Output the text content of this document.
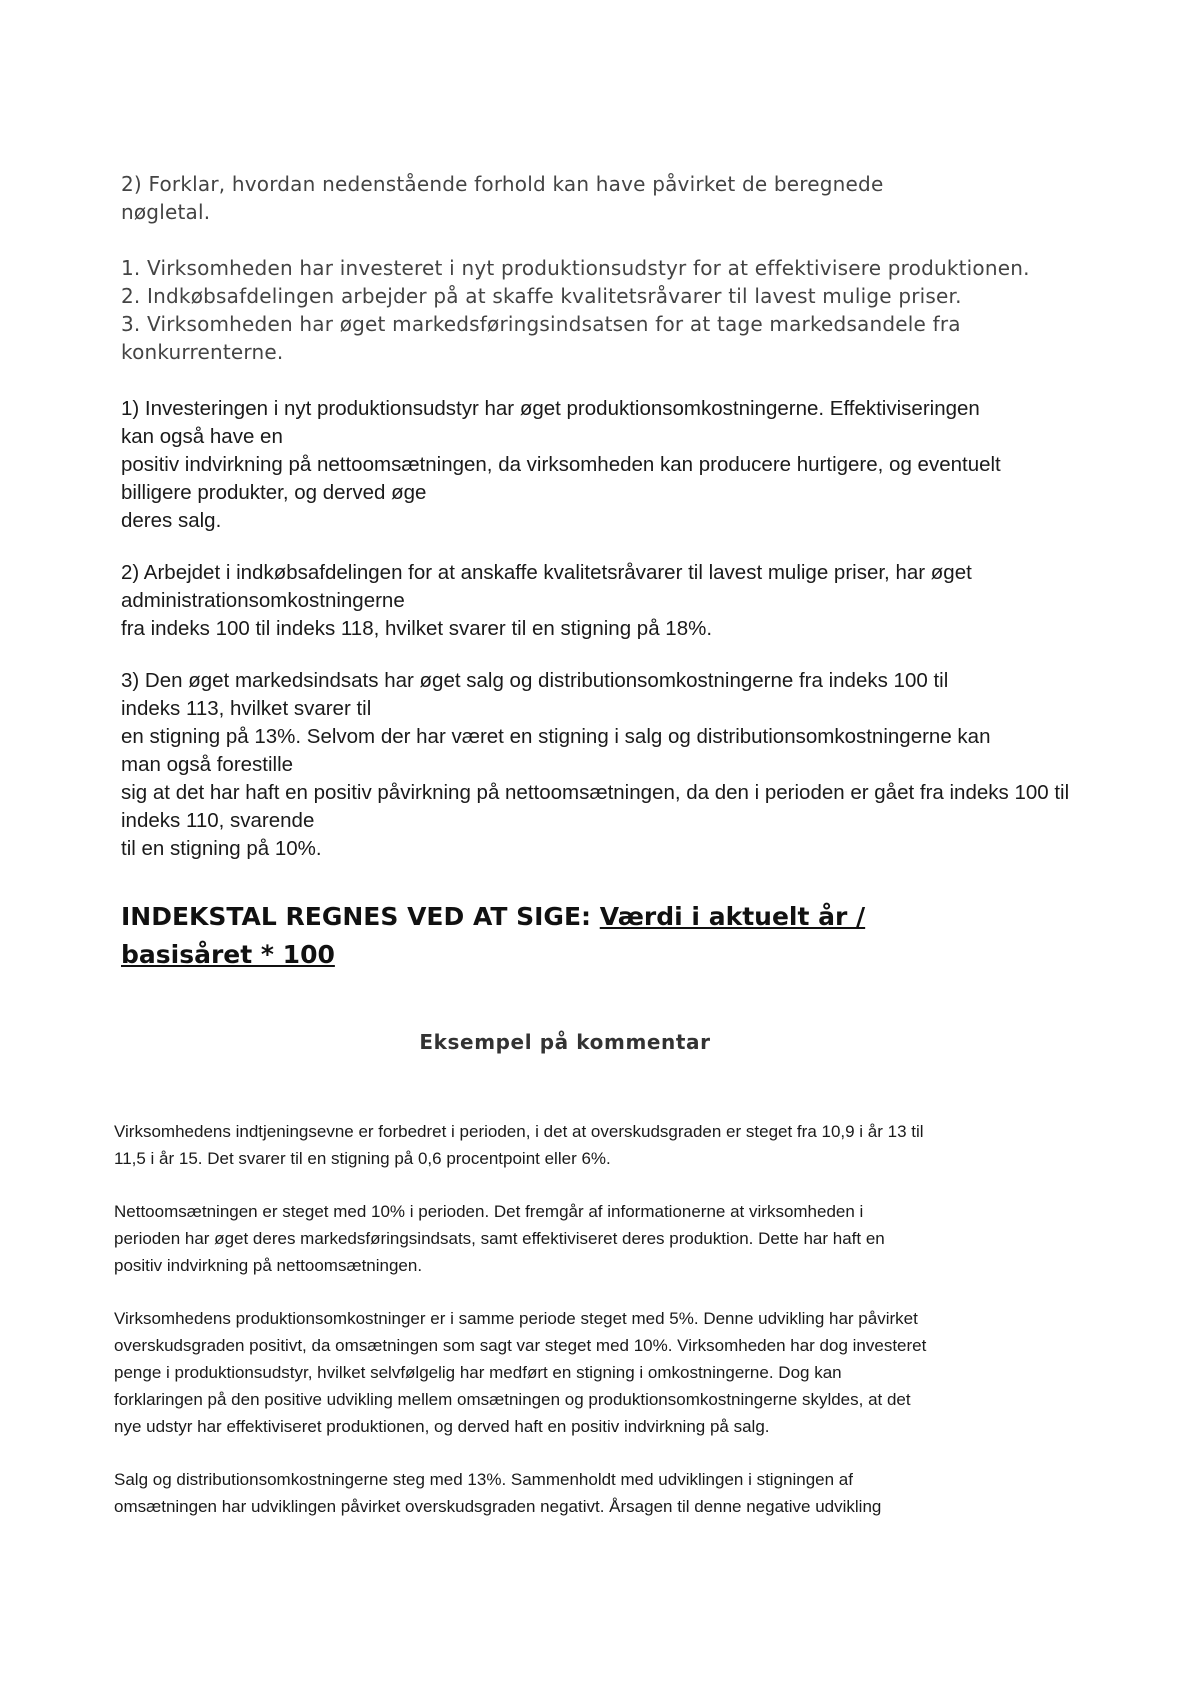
2) Forklar, hvordan nedenstående forhold kan have påvirket de beregnede
nøgletal.

1. Virksomheden har investeret i nyt produktionsudstyr for at effektivisere produktionen.
2. Indkøbsafdelingen arbejder på at skaffe kvalitetsråvarer til lavest mulige priser.
3. Virksomheden har øget markedsføringsindsatsen for at tage markedsandele fra
konkurrenterne.
1) Investeringen i nyt produktionsudstyr har øget produktionsomkostningerne. Effektiviseringen
kan også have en
positiv indvirkning på nettoomsætningen, da virksomheden kan producere hurtigere, og eventuelt
billigere produkter, og derved øge
deres salg.
2) Arbejdet i indkøbsafdelingen for at anskaffe kvalitetsråvarer til lavest mulige priser, har øget
administrationsomkostningerne
fra indeks 100 til indeks 118, hvilket svarer til en stigning på 18%.
3) Den øget markedsindsats har øget salg og distributionsomkostningerne fra indeks 100 til
indeks 113, hvilket svarer til
en stigning på 13%. Selvom der har været en stigning i salg og distributionsomkostningerne kan
man også forestille
sig at det har haft en positiv påvirkning på nettoomsætningen, da den i perioden er gået fra indeks 100 til
indeks 110, svarende
til en stigning på 10%.
INDEKSTAL REGNES VED AT SIGE: Værdi i aktuelt år /
basisåret * 100
Eksempel på kommentar
Virksomhedens indtjeningsevne er forbedret i perioden, i det at overskudsgraden er steget fra 10,9 i år 13 til
11,5 i år 15. Det svarer til en stigning på 0,6 procentpoint eller 6%.
Nettoomsætningen er steget med 10% i perioden. Det fremgår af informationerne at virksomheden i
perioden har øget deres markedsføringsindsats, samt effektiviseret deres produktion. Dette har haft en
positiv indvirkning på nettoomsætningen.
Virksomhedens produktionsomkostninger er i samme periode steget med 5%. Denne udvikling har påvirket
overskudsgraden positivt, da omsætningen som sagt var steget med 10%. Virksomheden har dog investeret
penge i produktionsudstyr, hvilket selvfølgelig har medført en stigning i omkostningerne. Dog kan
forklaringen på den positive udvikling mellem omsætningen og produktionsomkostningerne skyldes, at det
nye udstyr har effektiviseret produktionen, og derved haft en positiv indvirkning på salg.
Salg og distributionsomkostningerne steg med 13%. Sammenholdt med udviklingen i stigningen af
omsætningen har udviklingen påvirket overskudsgraden negativt. Årsagen til denne negative udvikling
